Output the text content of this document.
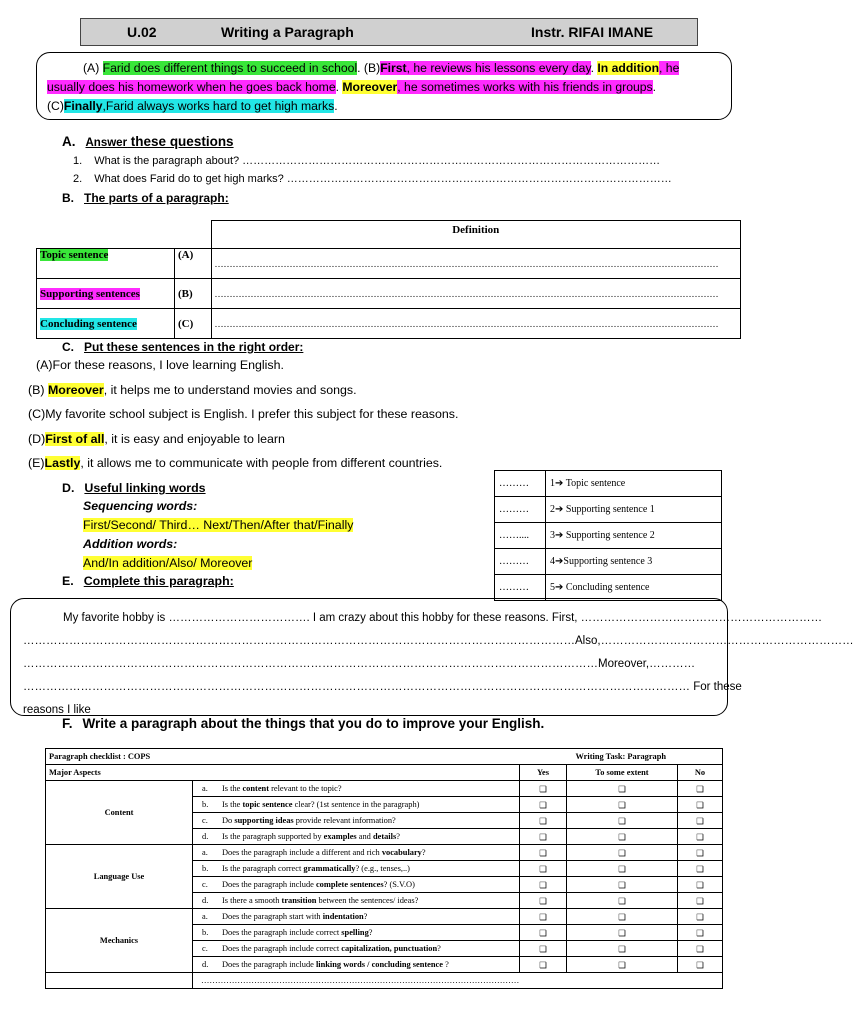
U.02	Writing a Paragraph	Instr. RIFAI IMANE
(A) Farid does different things to succeed in school. (B)First, he reviews his lessons every day. In addition, he
usually does his homework when he goes back home. Moreover, he sometimes works with his friends in groups.
(C)Finally,Farid always works hard to get high marks.
A. Answer these questions
1. What is the paragraph about? ……………………………………………………………………………………………………
2. What does Farid do to get high marks? ……………………………………………………………………………………………
B. The parts of a paragraph:
		Definition
Topic sentence	(A)	……………………………………………………………………………………………………………………………………………………
Supporting sentences	(B)	……………………………………………………………………………………………………………………………………………………
Concluding sentence	(C)	……………………………………………………………………………………………………………………………………………………
C. Put these sentences in the right order:
(A)For these reasons, I love learning English.
(B) Moreover, it helps me to understand movies and songs.
(C)My favorite school subject is English. I prefer this subject for these reasons.
(D)First of all, it is easy and enjoyable to learn
(E)Lastly, it allows me to communicate with people from different countries.
………	1➔ Topic sentence
………	2➔ Supporting sentence 1
……....	3➔ Supporting sentence 2
………	4➔Supporting sentence 3
………	5➔ Concluding sentence
D. Useful linking words
Sequencing words:
First/Second/ Third… Next/Then/After that/Finally
Addition words:
And/In addition/Also/ Moreover
E. Complete this paragraph:
My favorite hobby is ………………………………. I am crazy about this hobby for these reasons. First, ………………………………………………………
………………………………………………………………………………………………………………………………Also,…………………………………………………………
……………………………………………………………………………………………………………………………………Moreover,…………
………………………………………………………………………………………………………………………………………………………… For these
reasons I like
F. Write a paragraph about the things that you do to improve your English.
Paragraph checklist : COPS		Writing Task: Paragraph		
Major Aspects		Yes	To some extent	No
Content	a. Is the content relevant to the topic?	❑	❑	❑
	b. Is the topic sentence clear? (1st sentence in the paragraph)	❑	❑	❑
	c. Do supporting ideas provide relevant information?	❑	❑	❑
	d. Is the paragraph supported by examples and details?	❑	❑	❑
Language Use	a. Does the paragraph include a different and rich vocabulary?	❑	❑	❑
	b. Is the paragraph correct grammatically? (e.g., tenses,..)	❑	❑	❑
	c. Does the paragraph include complete sentences? (S.V.O)	❑	❑	❑
	d. Is there a smooth transition between the sentences/ ideas?	❑	❑	❑
Mechanics	a. Does the paragraph start with indentation?	❑	❑	❑
	b. Does the paragraph include correct spelling?	❑	❑	❑
	c. Does the paragraph include correct capitalization, punctuation?	❑	❑	❑
	d. Does the paragraph include linking words / concluding sentence ?	❑	❑	❑
	……………………………………………………………………………………………………			
